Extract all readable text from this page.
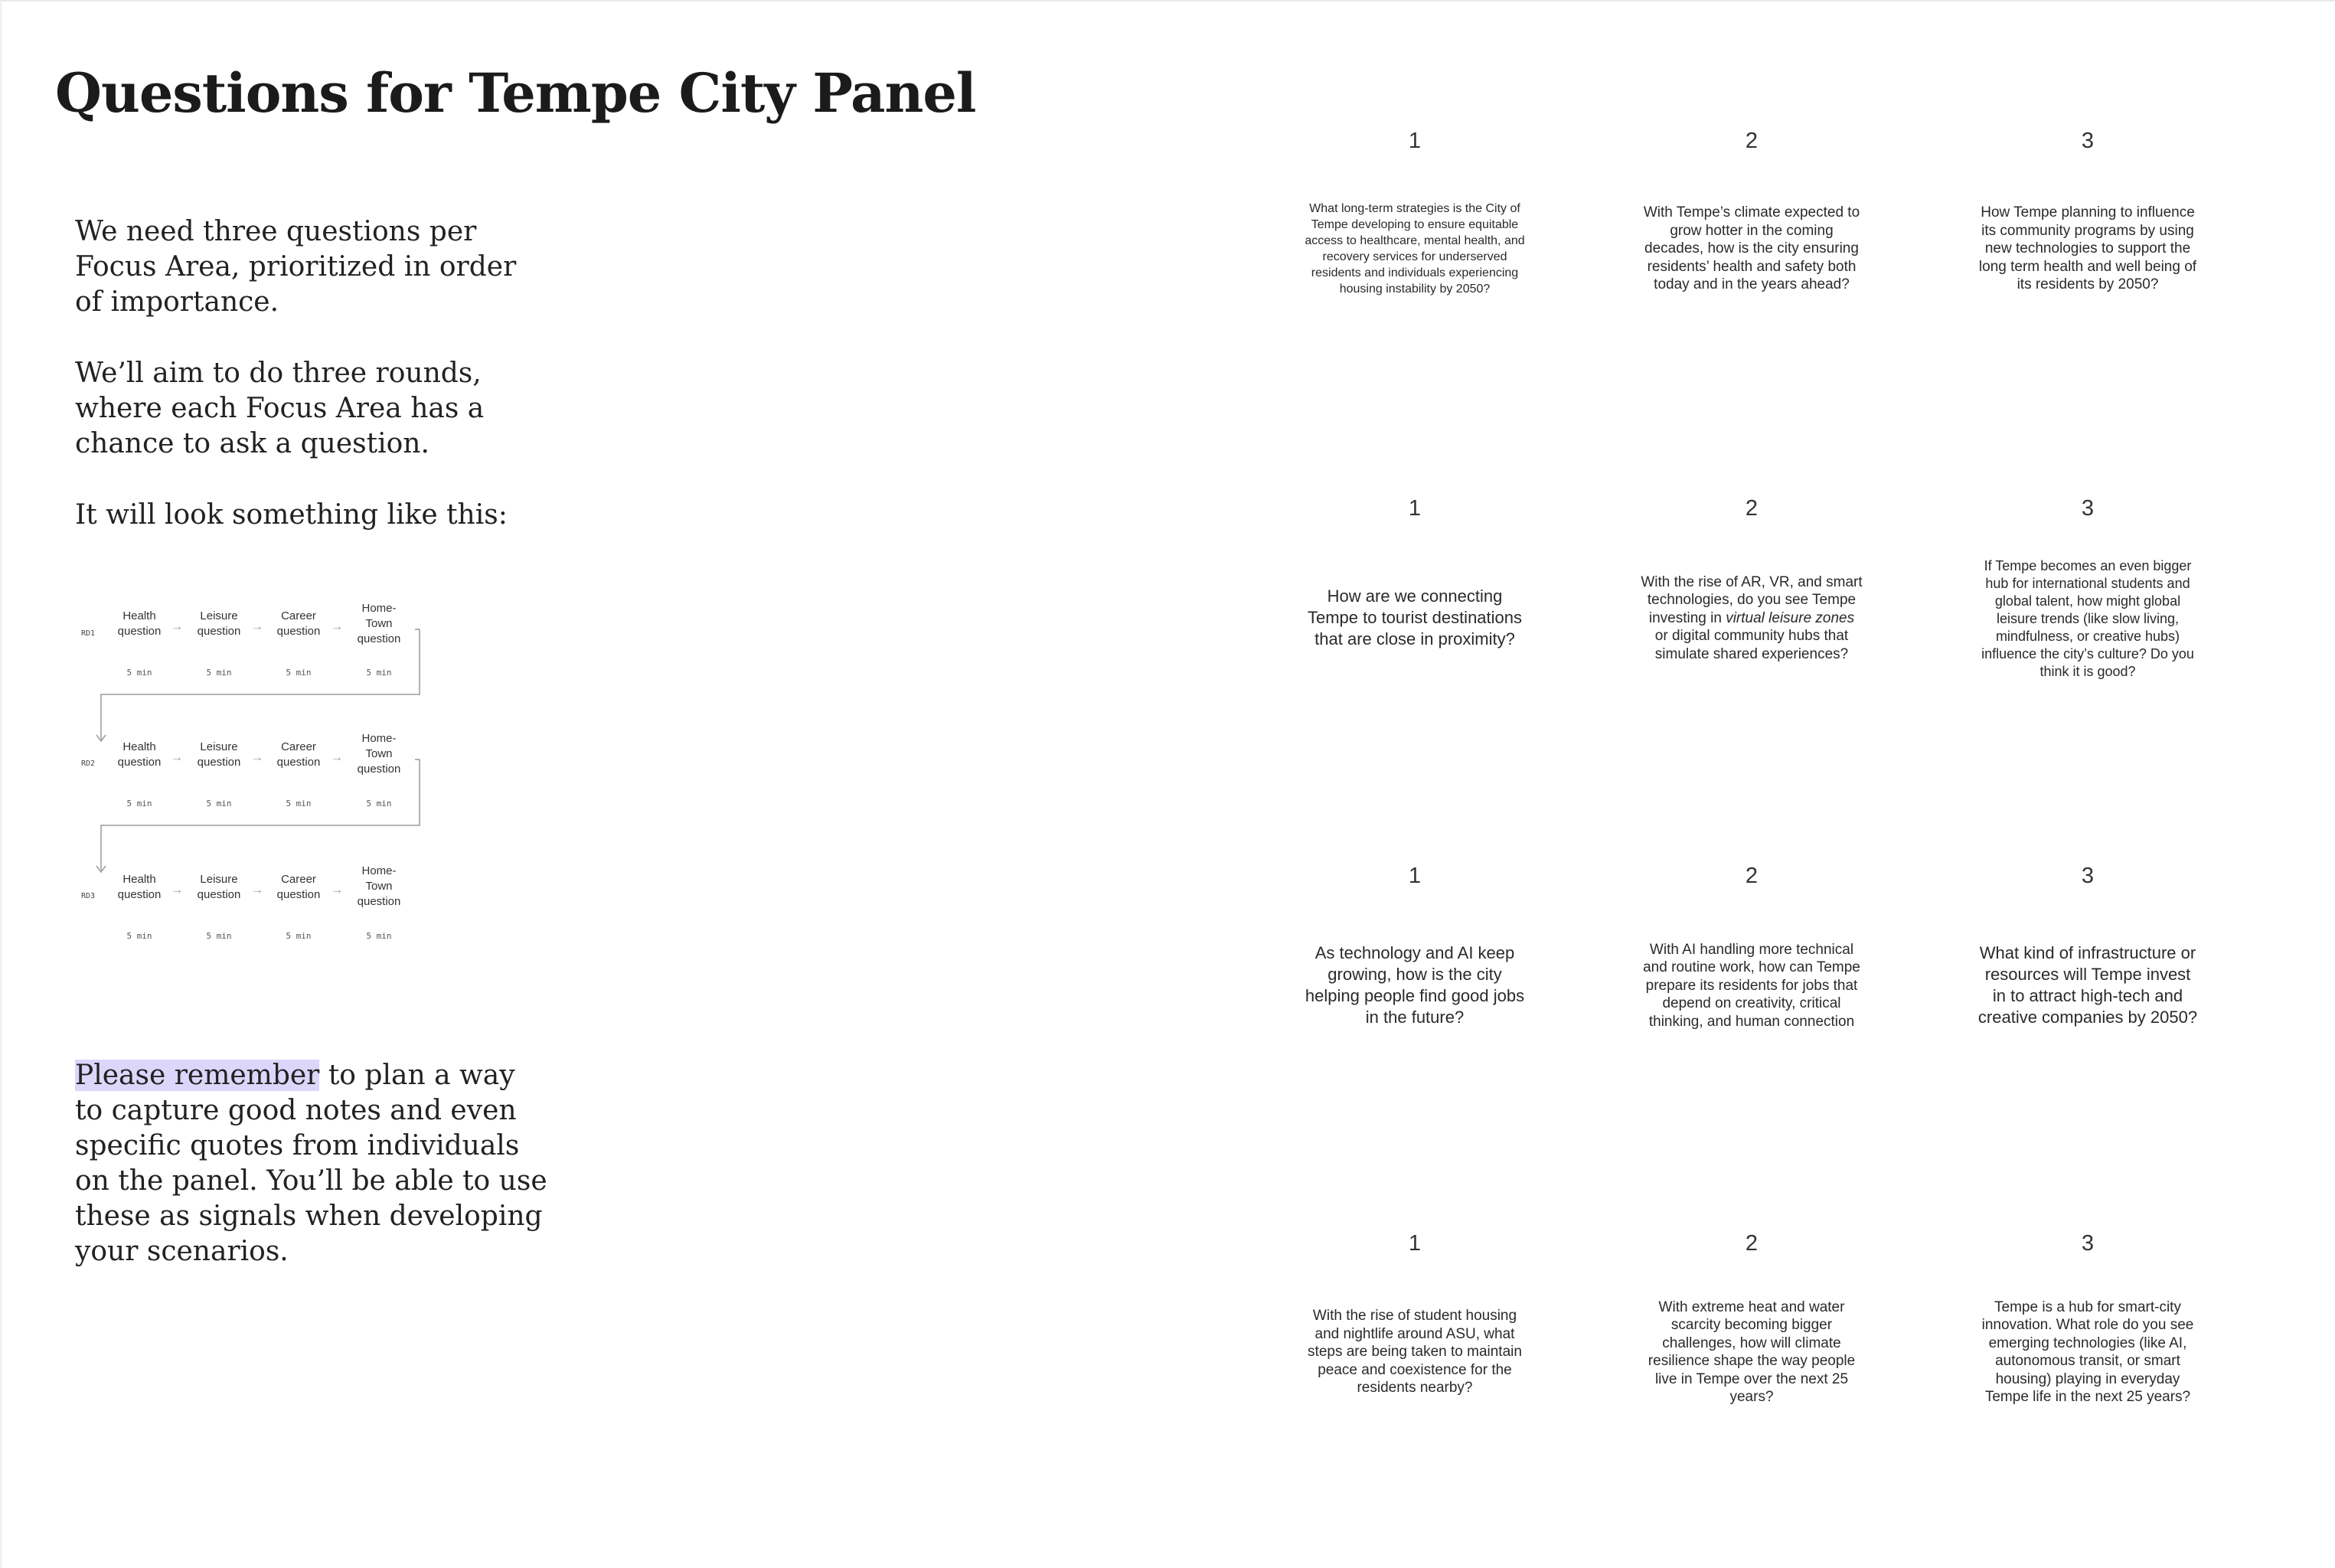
Questions for Tempe City Panel

We need three questions per Focus Area, prioritized in order of importance.

We’ll aim to do three rounds, where each Focus Area has a chance to ask a question.

It will look something like this:

RD1
Health question →
Leisure question →
Career question →
Home-Town question
5 min	5 min	5 min	5 min
RD2
Health question →
Leisure question →
Career question →
Home-Town question
5 min	5 min	5 min	5 min
RD3
Health question →
Leisure question →
Career question →
Home-Town question
5 min	5 min	5 min	5 min

Please remember to plan a way to capture good notes and even specific quotes from individuals on the panel. You’ll be able to use these as signals when developing your scenarios.

1	2	3
What long-term strategies is the City of Tempe developing to ensure equitable access to healthcare, mental health, and recovery services for underserved residents and individuals experiencing housing instability by 2050?
With Tempe’s climate expected to grow hotter in the coming decades, how is the city ensuring residents’ health and safety both today and in the years ahead?
How Tempe planning to influence its community programs by using new technologies to support the long term health and well being of its residents by 2050?
1	2	3
How are we connecting Tempe to tourist destinations that are close in proximity?
With the rise of AR, VR, and smart technologies, do you see Tempe investing in virtual leisure zones or digital community hubs that simulate shared experiences?
If Tempe becomes an even bigger hub for international students and global talent, how might global leisure trends (like slow living, mindfulness, or creative hubs) influence the city’s culture? Do you think it is good?
1	2	3
As technology and AI keep growing, how is the city helping people find good jobs in the future?
With AI handling more technical and routine work, how can Tempe prepare its residents for jobs that depend on creativity, critical thinking, and human connection
What kind of infrastructure or resources will Tempe invest in to attract high-tech and creative companies by 2050?
1	2	3
With the rise of student housing and nightlife around ASU, what steps are being taken to maintain peace and coexistence for the residents nearby?
With extreme heat and water scarcity becoming bigger challenges, how will climate resilience shape the way people live in Tempe over the next 25 years?
Tempe is a hub for smart-city innovation. What role do you see emerging technologies (like AI, autonomous transit, or smart housing) playing in everyday Tempe life in the next 25 years?
